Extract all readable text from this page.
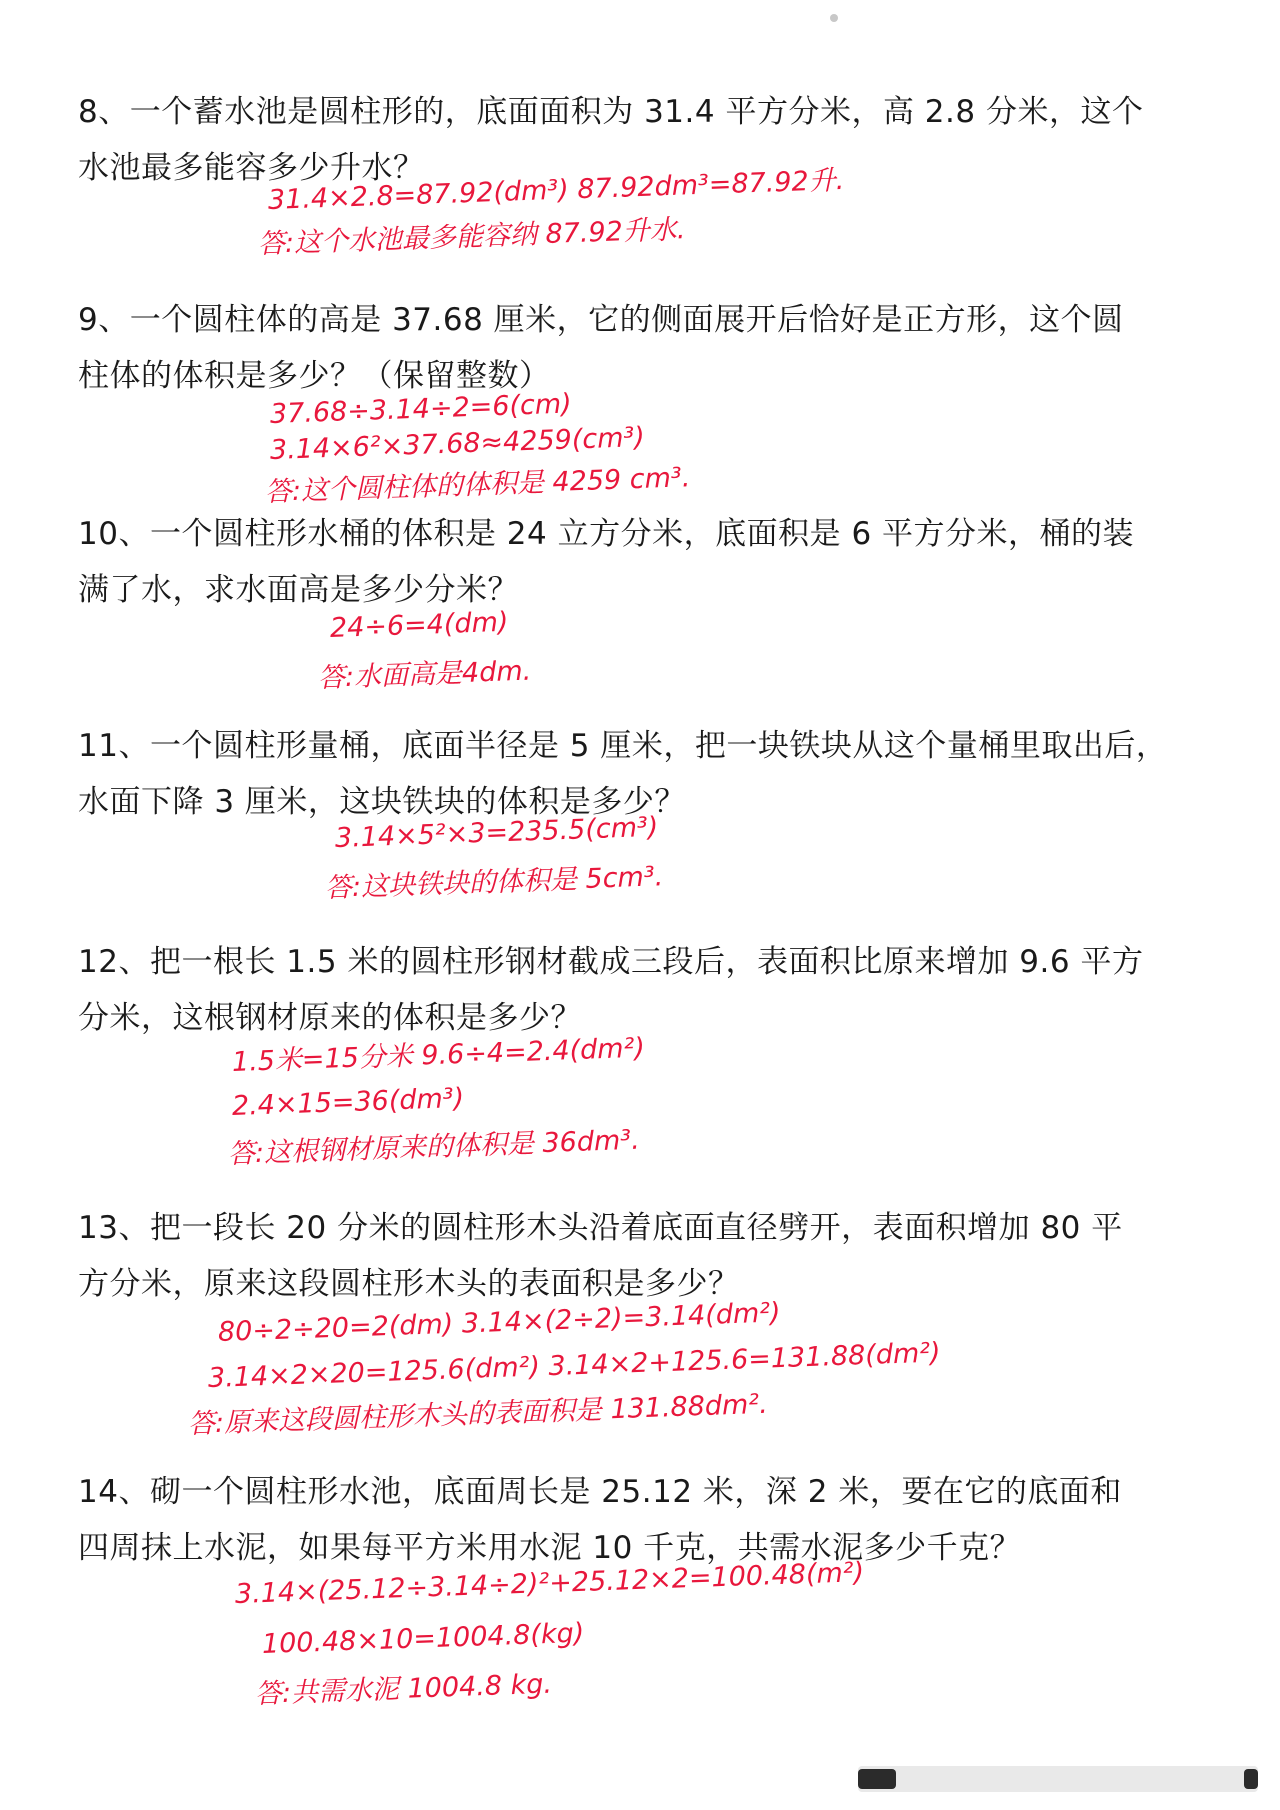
8、一个蓄水池是圆柱形的，底面面积为 31.4 平方分米，高 2.8 分米，这个
水池最多能容多少升水？
31.4×2.8=87.92(dm³) 87.92dm³=87.92升.
答:这个水池最多能容纳 87.92升水.
9、一个圆柱体的高是 37.68 厘米，它的侧面展开后恰好是正方形，这个圆
柱体的体积是多少？（保留整数）
37.68÷3.14÷2=6(cm)
3.14×6²×37.68≈4259(cm³)
答:这个圆柱体的体积是 4259 cm³.
10、一个圆柱形水桶的体积是 24 立方分米，底面积是 6 平方分米，桶的装
满了水，求水面高是多少分米？
24÷6=4(dm)
答:水面高是4dm.
11、一个圆柱形量桶，底面半径是 5 厘米，把一块铁块从这个量桶里取出后，
水面下降 3 厘米，这块铁块的体积是多少？
3.14×5²×3=235.5(cm³)
答:这块铁块的体积是 5cm³.
12、把一根长 1.5 米的圆柱形钢材截成三段后，表面积比原来增加 9.6 平方
分米，这根钢材原来的体积是多少？
1.5米=15分米 9.6÷4=2.4(dm²)
2.4×15=36(dm³)
答:这根钢材原来的体积是 36dm³.
13、把一段长 20 分米的圆柱形木头沿着底面直径劈开，表面积增加 80 平
方分米，原来这段圆柱形木头的表面积是多少？
80÷2÷20=2(dm) 3.14×(2÷2)=3.14(dm²)
3.14×2×20=125.6(dm²) 3.14×2+125.6=131.88(dm²)
答:原来这段圆柱形木头的表面积是 131.88dm².
14、砌一个圆柱形水池，底面周长是 25.12 米，深 2 米，要在它的底面和
四周抹上水泥，如果每平方米用水泥 10 千克，共需水泥多少千克？
3.14×(25.12÷3.14÷2)²+25.12×2=100.48(m²)
100.48×10=1004.8(kg)
答:共需水泥 1004.8 kg.
